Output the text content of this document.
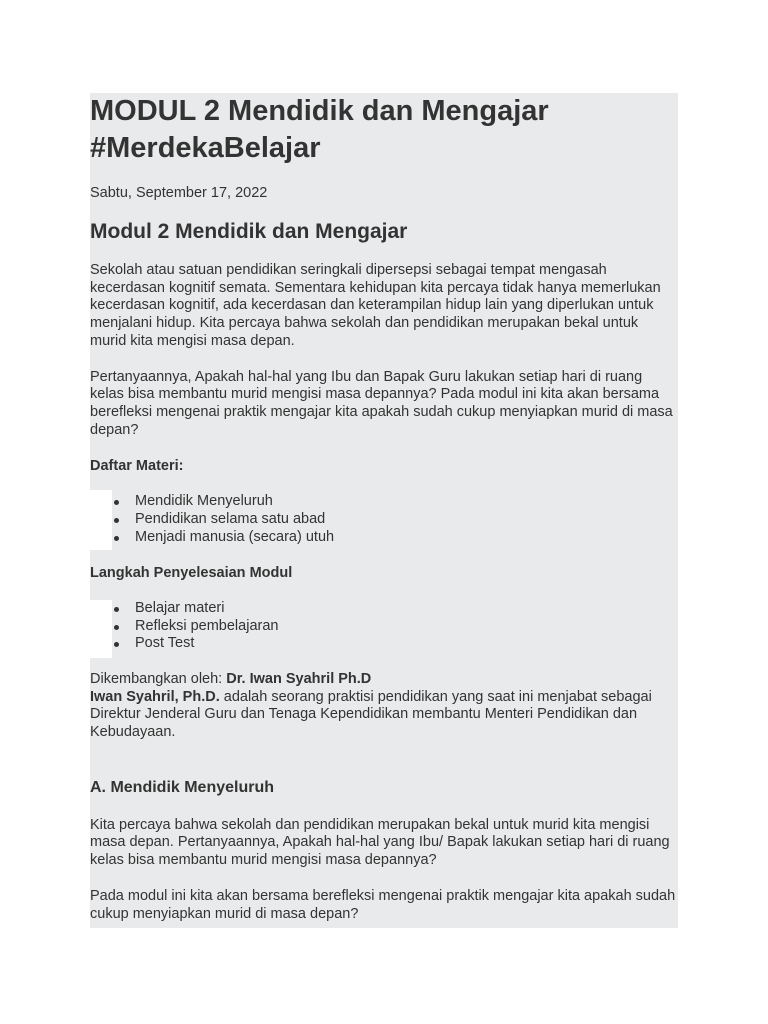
MODUL 2 Mendidik dan Mengajar #MerdekaBelajar
Sabtu, September 17, 2022
Modul 2 Mendidik dan Mengajar

Sekolah atau satuan pendidikan seringkali dipersepsi sebagai tempat mengasah kecerdasan kognitif semata. Sementara kehidupan kita percaya tidak hanya memerlukan kecerdasan kognitif, ada kecerdasan dan keterampilan hidup lain yang diperlukan untuk menjalani hidup. Kita percaya bahwa sekolah dan pendidikan merupakan bekal untuk murid kita mengisi masa depan.

Pertanyaannya, Apakah hal-hal yang Ibu dan Bapak Guru lakukan setiap hari di ruang kelas bisa membantu murid mengisi masa depannya? Pada modul ini kita akan bersama berefleksi mengenai praktik mengajar kita apakah sudah cukup menyiapkan murid di masa depan?

Daftar Materi:
Mendidik Menyeluruh
Pendidikan selama satu abad
Menjadi manusia (secara) utuh
Langkah Penyelesaian Modul
Belajar materi
Refleksi pembelajaran
Post Test

Dikembangkan oleh: Dr. Iwan Syahril Ph.D
Iwan Syahril, Ph.D. adalah seorang praktisi pendidikan yang saat ini menjabat sebagai Direktur Jenderal Guru dan Tenaga Kependidikan membantu Menteri Pendidikan dan Kebudayaan.

A. Mendidik Menyeluruh

Kita percaya bahwa sekolah dan pendidikan merupakan bekal untuk murid kita mengisi masa depan. Pertanyaannya, Apakah hal-hal yang Ibu/ Bapak lakukan setiap hari di ruang kelas bisa membantu murid mengisi masa depannya?

Pada modul ini kita akan bersama berefleksi mengenai praktik mengajar kita apakah sudah cukup menyiapkan murid di masa depan?
